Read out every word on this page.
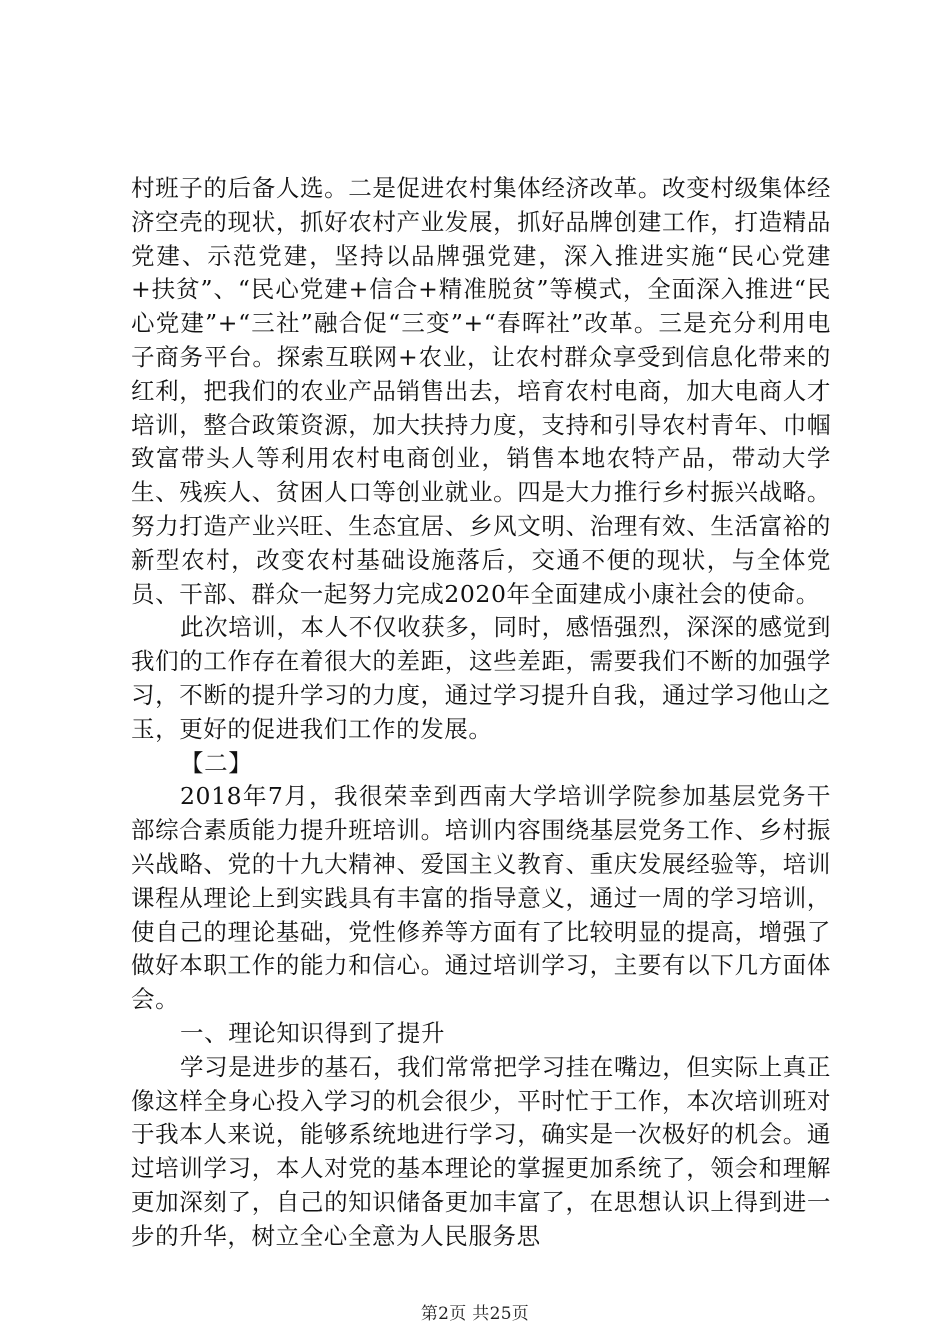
村班子的后备人选。二是促进农村集体经济改革。改变村级集体经济空壳的现状，抓好农村产业发展，抓好品牌创建工作，打造精品党建、示范党建，坚持以品牌强党建，深入推进实施“民心党建+扶贫”、“民心党建+信合+精准脱贫”等模式，全面深入推进“民心党建”+“三社”融合促“三变”+“春晖社”改革。三是充分利用电子商务平台。探索互联网+农业，让农村群众享受到信息化带来的红利，把我们的农业产品销售出去，培育农村电商，加大电商人才培训，整合政策资源，加大扶持力度，支持和引导农村青年、巾帼致富带头人等利用农村电商创业，销售本地农特产品，带动大学生、残疾人、贫困人口等创业就业。四是大力推行乡村振兴战略。努力打造产业兴旺、生态宜居、乡风文明、治理有效、生活富裕的新型农村，改变农村基础设施落后，交通不便的现状，与全体党员、干部、群众一起努力完成2020年全面建成小康社会的使命。

此次培训，本人不仅收获多，同时，感悟强烈，深深的感觉到我们的工作存在着很大的差距，这些差距，需要我们不断的加强学习，不断的提升学习的力度，通过学习提升自我，通过学习他山之玉，更好的促进我们工作的发展。

【二】

2018年7月，我很荣幸到西南大学培训学院参加基层党务干部综合素质能力提升班培训。培训内容围绕基层党务工作、乡村振兴战略、党的十九大精神、爱国主义教育、重庆发展经验等，培训课程从理论上到实践具有丰富的指导意义，通过一周的学习培训，使自己的理论基础，党性修养等方面有了比较明显的提高，增强了做好本职工作的能力和信心。通过培训学习，主要有以下几方面体会。

一、理论知识得到了提升

学习是进步的基石，我们常常把学习挂在嘴边，但实际上真正像这样全身心投入学习的机会很少，平时忙于工作，本次培训班对于我本人来说，能够系统地进行学习，确实是一次极好的机会。通过培训学习，本人对党的基本理论的掌握更加系统了，领会和理解更加深刻了，自己的知识储备更加丰富了，在思想认识上得到进一步的升华，树立全心全意为人民服务思

第2页 共25页
